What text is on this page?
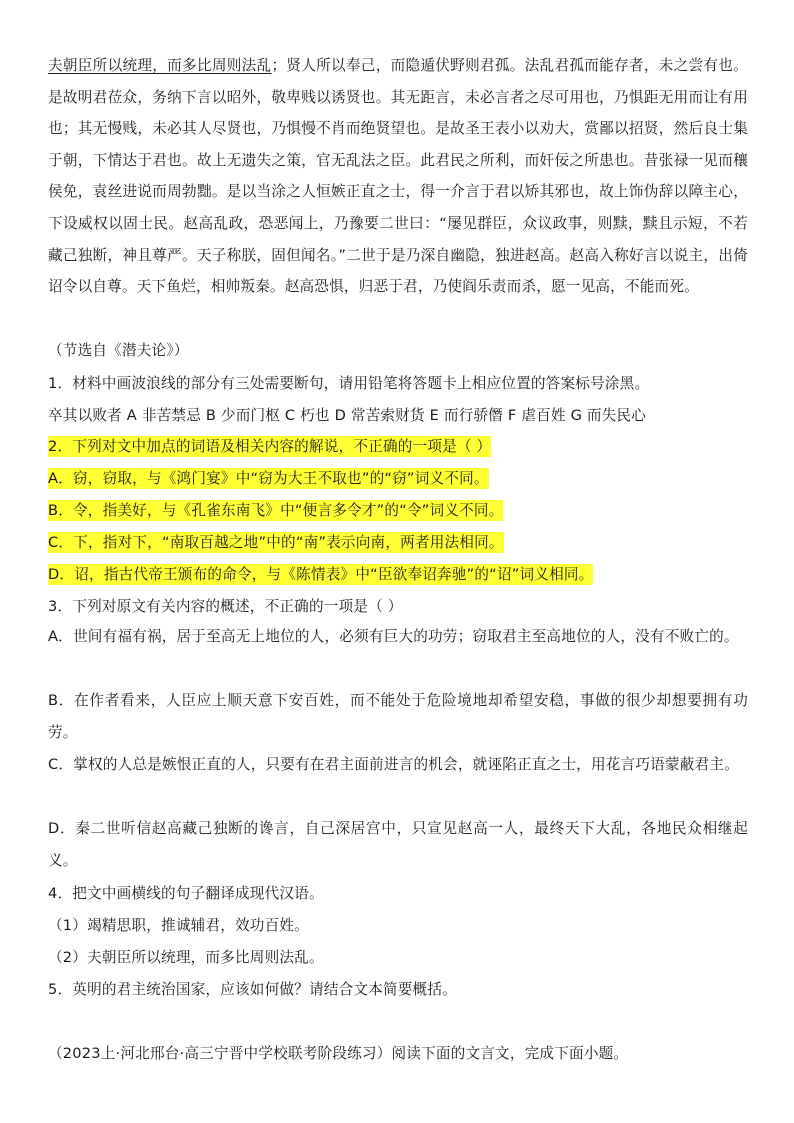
夫朝臣所以统理，而多比周则法乱；贤人所以奉己，而隐遁伏野则君孤。法乱君孤而能存者，未之尝有也。是故明君莅众，务纳下言以昭外，敬卑贱以诱贤也。其无距言，未必言者之尽可用也，乃惧距无用而让有用也；其无慢贱，未必其人尽贤也，乃惧慢不肖而绝贤望也。是故圣王表小以劝大，赏鄙以招贤，然后良士集于朝，下情达于君也。故上无遗失之策，官无乱法之臣。此君民之所利，而奸佞之所患也。昔张禄一见而穰侯免，袁丝进说而周勃黜。是以当涂之人恒嫉正直之士，得一介言于君以矫其邪也，故上饰伪辞以障主心，下设威权以固士民。赵高乱政，恐恶闻上，乃豫要二世曰：“屡见群臣，众议政事，则黩，黩且示短，不若藏己独断，神且尊严。天子称朕，固但闻名。”二世于是乃深自幽隐，独进赵高。赵高入称好言以说主，出倚诏令以自尊。天下鱼烂，相帅叛秦。赵高恐惧，归恶于君，乃使阎乐责而杀，愿一见高，不能而死。
（节选自《潜夫论》）
1．材料中画波浪线的部分有三处需要断句，请用铅笔将答题卡上相应位置的答案标号涂黑。
卒其以败者 A 非苦禁忌 B 少而门枢 C 朽也 D 常苦索财货 E 而行骄僭 F 虐百姓 G 而失民心
2．下列对文中加点的词语及相关内容的解说，不正确的一项是（ ）
A．窃，窃取，与《鸿门宴》中“窃为大王不取也”的“窃”词义不同。
B．令，指美好，与《孔雀东南飞》中“便言多令才”的“令”词义不同。
C．下，指对下，“南取百越之地”中的“南”表示向南，两者用法相同。
D．诏，指古代帝王颁布的命令，与《陈情表》中“臣欲奉诏奔驰”的“诏”词义相同。
3．下列对原文有关内容的概述，不正确的一项是（ ）
A．世间有福有祸，居于至高无上地位的人，必须有巨大的功劳；窃取君主至高地位的人，没有不败亡的。
B．在作者看来，人臣应上顺天意下安百姓，而不能处于危险境地却希望安稳，事做的很少却想要拥有功劳。
C．掌权的人总是嫉恨正直的人，只要有在君主面前进言的机会，就诬陷正直之士，用花言巧语蒙蔽君主。
D．秦二世听信赵高藏己独断的谗言，自己深居宫中，只宣见赵高一人，最终天下大乱，各地民众相继起义。
4．把文中画横线的句子翻译成现代汉语。
（1）竭精思职，推诚辅君，效功百姓。
（2）夫朝臣所以统理，而多比周则法乱。
5．英明的君主统治国家，应该如何做？请结合文本简要概括。
（2023上·河北邢台·高三宁晋中学校联考阶段练习）阅读下面的文言文，完成下面小题。
